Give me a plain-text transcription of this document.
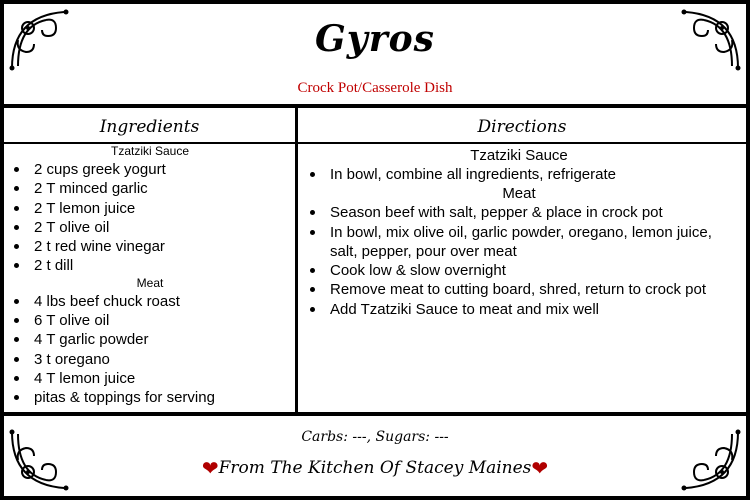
Gyros
Crock Pot/Casserole Dish
Ingredients	Directions
Tzatziki Sauce
2 cups greek yogurt
2 T minced garlic
2 T lemon juice
2 T olive oil
2 t red wine vinegar
2 t dill
Meat
4 lbs beef chuck roast
6 T olive oil
4 T garlic powder
3 t oregano
4 T lemon juice
pitas & toppings for serving
Tzatziki Sauce
In bowl, combine all ingredients, refrigerate
Meat
Season beef with salt, pepper & place in crock pot
In bowl, mix olive oil, garlic powder, oregano, lemon juice, salt, pepper, pour over meat
Cook low & slow overnight
Remove meat to cutting board, shred, return to crock pot
Add Tzatziki Sauce to meat and mix well
Carbs: ---, Sugars: ---
❤From The Kitchen Of Stacey Maines❤
